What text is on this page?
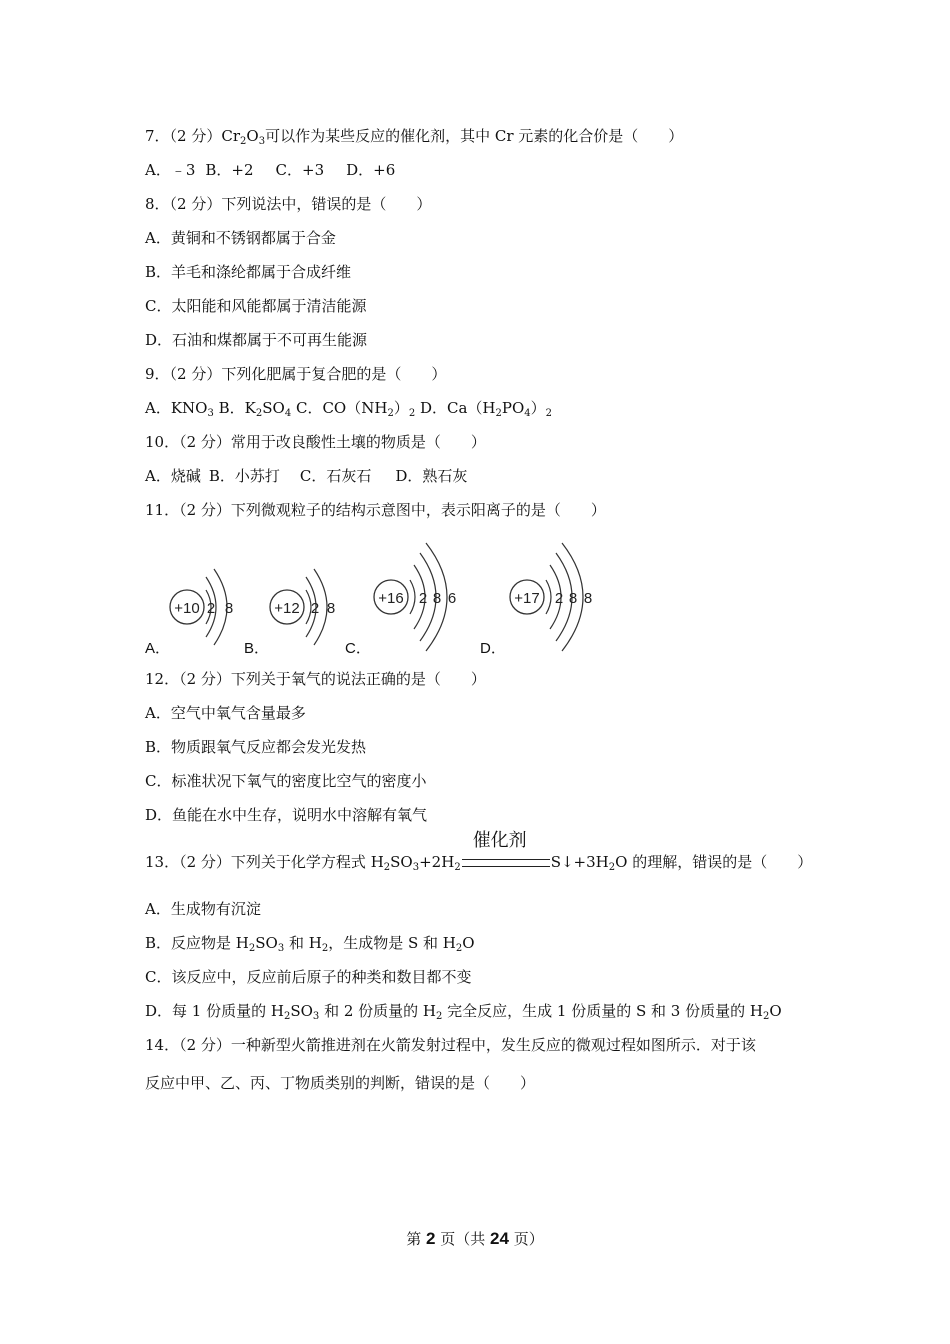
7．（2 分）$Cr_2O_3$可以作为某些反应的催化剂，其中 Cr 元素的化合价是（　　）
A．﹣3 B．+2 C．+3 D．+6
8．（2 分）下列说法中，错误的是（　　）
A．黄铜和不锈钢都属于合金
B．羊毛和涤纶都属于合成纤维
C．太阳能和风能都属于清洁能源
D．石油和煤都属于不可再生能源
9．（2 分）下列化肥属于复合肥的是（　　）
A．$KNO_3$ B．$K_2SO_4$ C．$CO(NH_2)_2$ D．$Ca(H_2PO_4)_2$
10．（2 分）常用于改良酸性土壤的物质是（　　）
A．烧碱 B．小苏打 C．石灰石 D．熟石灰
11．（2 分）下列微观粒子的结构示意图中，表示阳离子的是（　　）
+10 2 8	+12 2 8
+16 2 8 6	+17 2 8 8
A．	B．	C．	D．
12．（2 分）下列关于氧气的说法正确的是（　　）
A．空气中氧气含量最多
B．物质跟氧气反应都会发光发热
C．标准状况下氧气的密度比空气的密度小
D．鱼能在水中生存，说明水中溶解有氧气
13．（2 分）下列关于化学方程式 $H_2SO_3+2H_2$
催化剂
$S↓+3H_2O$ 的理解，错误的是（　　）
A．生成物有沉淀
B．反应物是 $H_2SO_3$ 和 $H_2$，生成物是 S 和 $H_2O$
C．该反应中，反应前后原子的种类和数目都不变
D．每 1 份质量的 $H_2SO_3$ 和 2 份质量的 $H_2$ 完全反应，生成 1 份质量的 S 和 3 份质量的 $H_2O$
14．（2 分）一种新型火箭推进剂在火箭发射过程中，发生反应的微观过程如图所示．对于该
反应中甲、乙、丙、丁物质类别的判断，错误的是（　　）
第 2 页（共 24 页）
